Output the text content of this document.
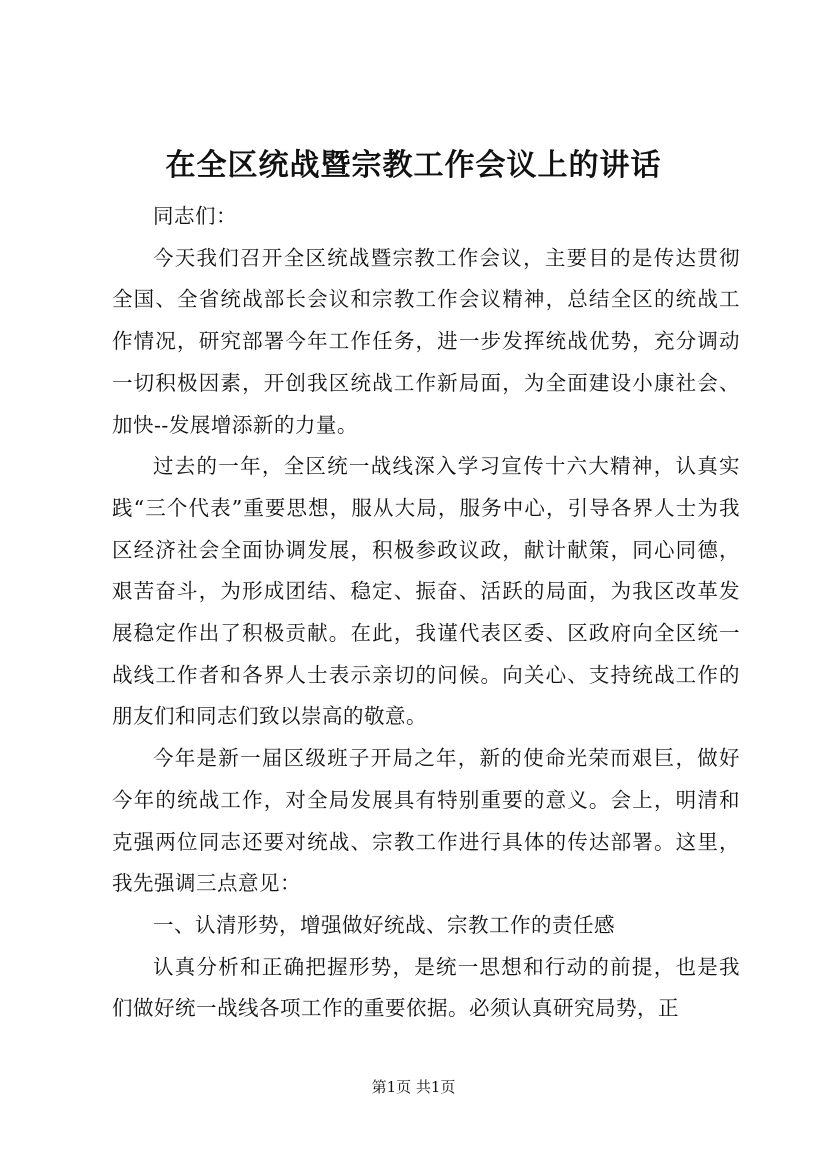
在全区统战暨宗教工作会议上的讲话

同志们：

今天我们召开全区统战暨宗教工作会议，主要目的是传达贯彻全国、全省统战部长会议和宗教工作会议精神，总结全区的统战工作情况，研究部署今年工作任务，进一步发挥统战优势，充分调动一切积极因素，开创我区统战工作新局面，为全面建设小康社会、加快--发展增添新的力量。

过去的一年，全区统一战线深入学习宣传十六大精神，认真实践“三个代表”重要思想，服从大局，服务中心，引导各界人士为我区经济社会全面协调发展，积极参政议政，献计献策，同心同德，艰苦奋斗，为形成团结、稳定、振奋、活跃的局面，为我区改革发展稳定作出了积极贡献。在此，我谨代表区委、区政府向全区统一战线工作者和各界人士表示亲切的问候。向关心、支持统战工作的朋友们和同志们致以崇高的敬意。

今年是新一届区级班子开局之年，新的使命光荣而艰巨，做好今年的统战工作，对全局发展具有特别重要的意义。会上，明清和克强两位同志还要对统战、宗教工作进行具体的传达部署。这里，我先强调三点意见：

一、认清形势，增强做好统战、宗教工作的责任感

认真分析和正确把握形势，是统一思想和行动的前提，也是我们做好统一战线各项工作的重要依据。必须认真研究局势，正

第1页 共1页
